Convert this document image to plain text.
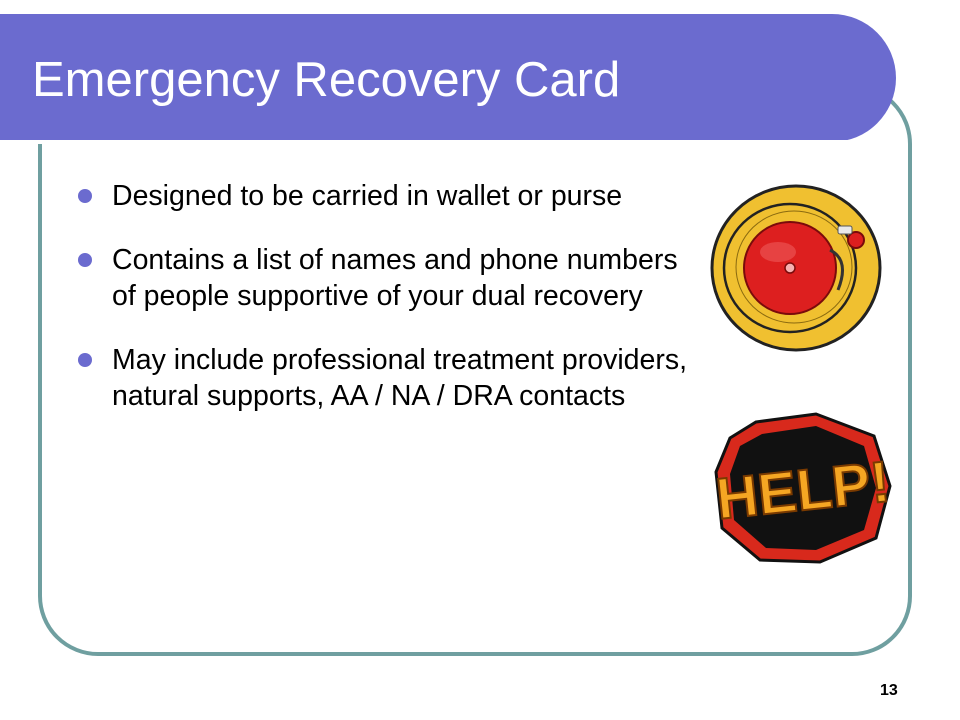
Emergency Recovery Card
Designed to be carried in wallet or purse
Contains a list of names and phone numbers of people supportive of your dual recovery
May include professional treatment providers, natural supports, AA / NA / DRA contacts
HELP!
13
